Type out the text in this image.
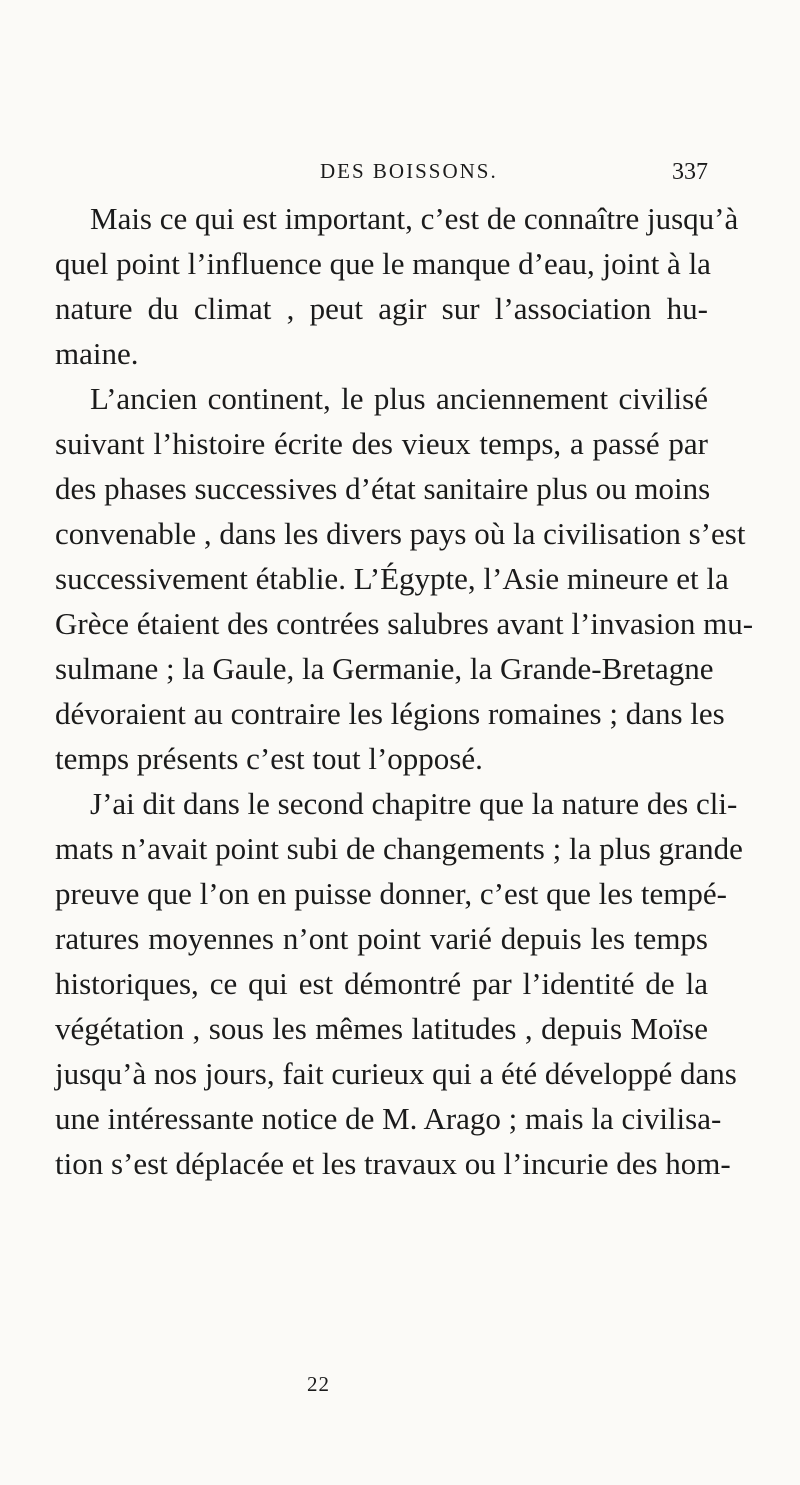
DES BOISSONS.	337
Mais ce qui est important, c’est de connaître jusqu’à
quel point l’influence que le manque d’eau, joint à la
nature du climat , peut agir sur l’association hu-
maine.
L’ancien continent, le plus anciennement civilisé
suivant l’histoire écrite des vieux temps, a passé par
des phases successives d’état sanitaire plus ou moins
convenable , dans les divers pays où la civilisation s’est
successivement établie. L’Égypte, l’Asie mineure et la
Grèce étaient des contrées salubres avant l’invasion mu-
sulmane ; la Gaule, la Germanie, la Grande-Bretagne
dévoraient au contraire les légions romaines ; dans les
temps présents c’est tout l’opposé.
J’ai dit dans le second chapitre que la nature des cli-
mats n’avait point subi de changements ; la plus grande
preuve que l’on en puisse donner, c’est que les tempé-
ratures moyennes n’ont point varié depuis les temps
historiques, ce qui est démontré par l’identité de la
végétation , sous les mêmes latitudes , depuis Moïse
jusqu’à nos jours, fait curieux qui a été développé dans
une intéressante notice de M. Arago ; mais la civilisa-
tion s’est déplacée et les travaux ou l’incurie des hom-
22
